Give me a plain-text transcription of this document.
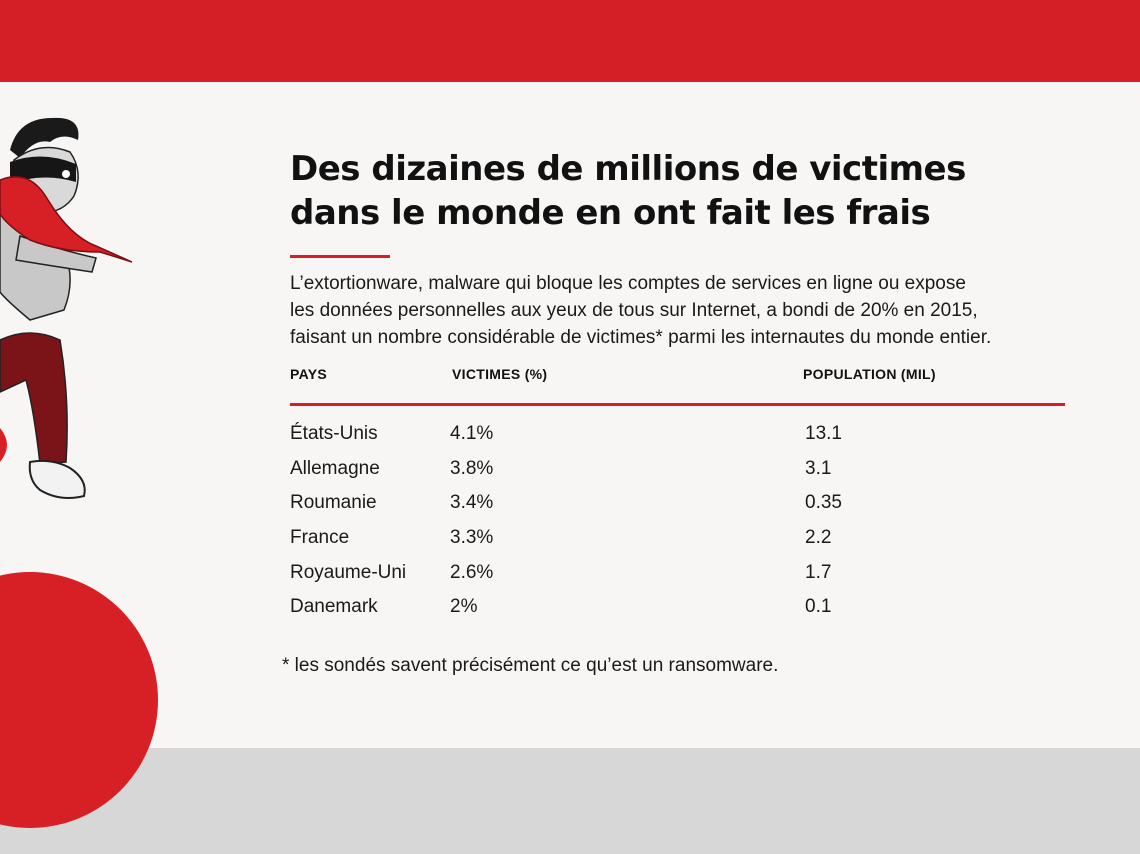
Des dizaines de millions de victimes
dans le monde en ont fait les frais

L’extortionware, malware qui bloque les comptes de services en ligne ou expose
les données personnelles aux yeux de tous sur Internet, a bondi de 20% en 2015,
faisant un nombre considérable de victimes* parmi les internautes du monde entier.

PAYS	VICTIMES (%)	POPULATION (MIL)
États-Unis	4.1%	13.1
Allemagne	3.8%	3.1
Roumanie	3.4%	0.35
France	3.3%	2.2
Royaume-Uni 2.6%	1.7
Danemark	2%	0.1

* les sondés savent précisément ce qu’est un ransomware.
